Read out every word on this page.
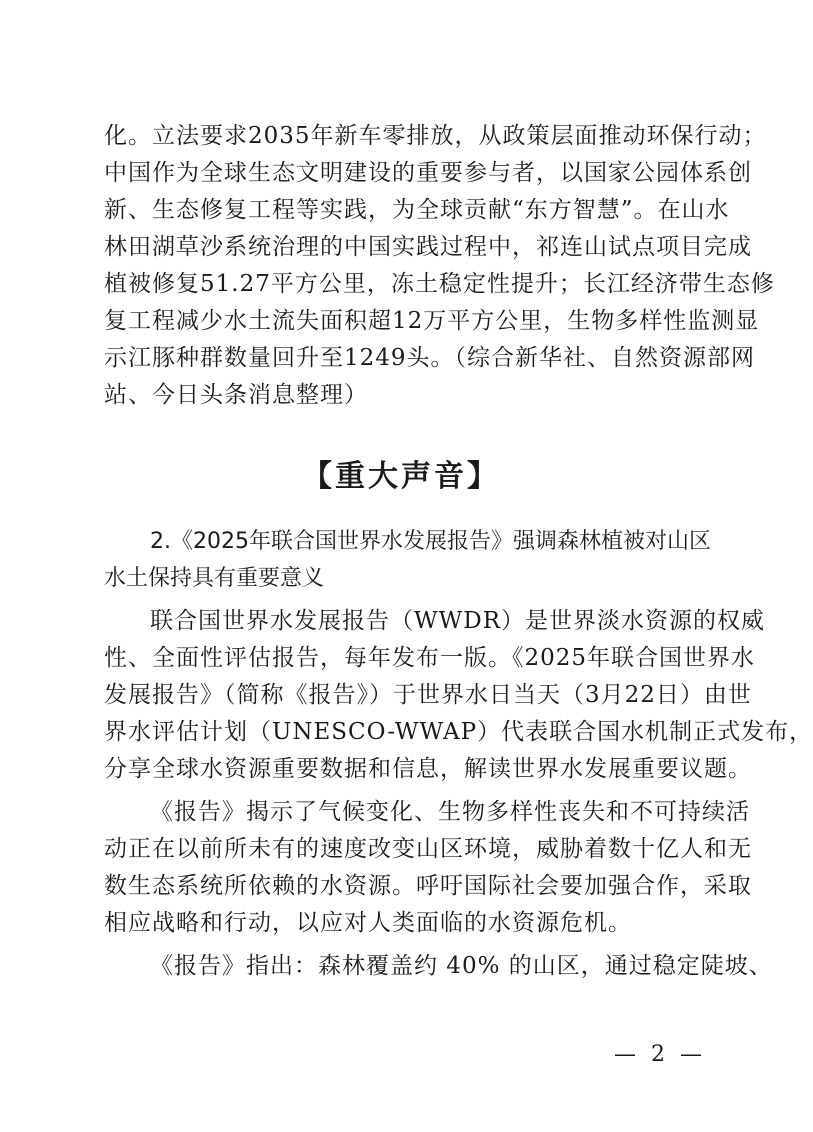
化。立法要求2035年新车零排放，从政策层面推动环保行动；
中国作为全球生态文明建设的重要参与者，以国家公园体系创
新、生态修复工程等实践，为全球贡献“东方智慧”。在山水
林田湖草沙系统治理的中国实践过程中，祁连山试点项目完成
植被修复51.27平方公里，冻土稳定性提升；长江经济带生态修
复工程减少水土流失面积超12万平方公里，生物多样性监测显
示江豚种群数量回升至1249头。（综合新华社、自然资源部网
站、今日头条消息整理）
【重大声音】
2.《2025年联合国世界水发展报告》强调森林植被对山区
水土保持具有重要意义
联合国世界水发展报告（WWDR）是世界淡水资源的权威
性、全面性评估报告，每年发布一版。《2025年联合国世界水
发展报告》（简称《报告》）于世界水日当天（3月22日）由世
界水评估计划（UNESCO-WWAP）代表联合国水机制正式发布，
分享全球水资源重要数据和信息，解读世界水发展重要议题。
《报告》揭示了气候变化、生物多样性丧失和不可持续活
动正在以前所未有的速度改变山区环境，威胁着数十亿人和无
数生态系统所依赖的水资源。呼吁国际社会要加强合作，采取
相应战略和行动，以应对人类面临的水资源危机。
《报告》指出：森林覆盖约 40% 的山区，通过稳定陡坡、
— 2 —
